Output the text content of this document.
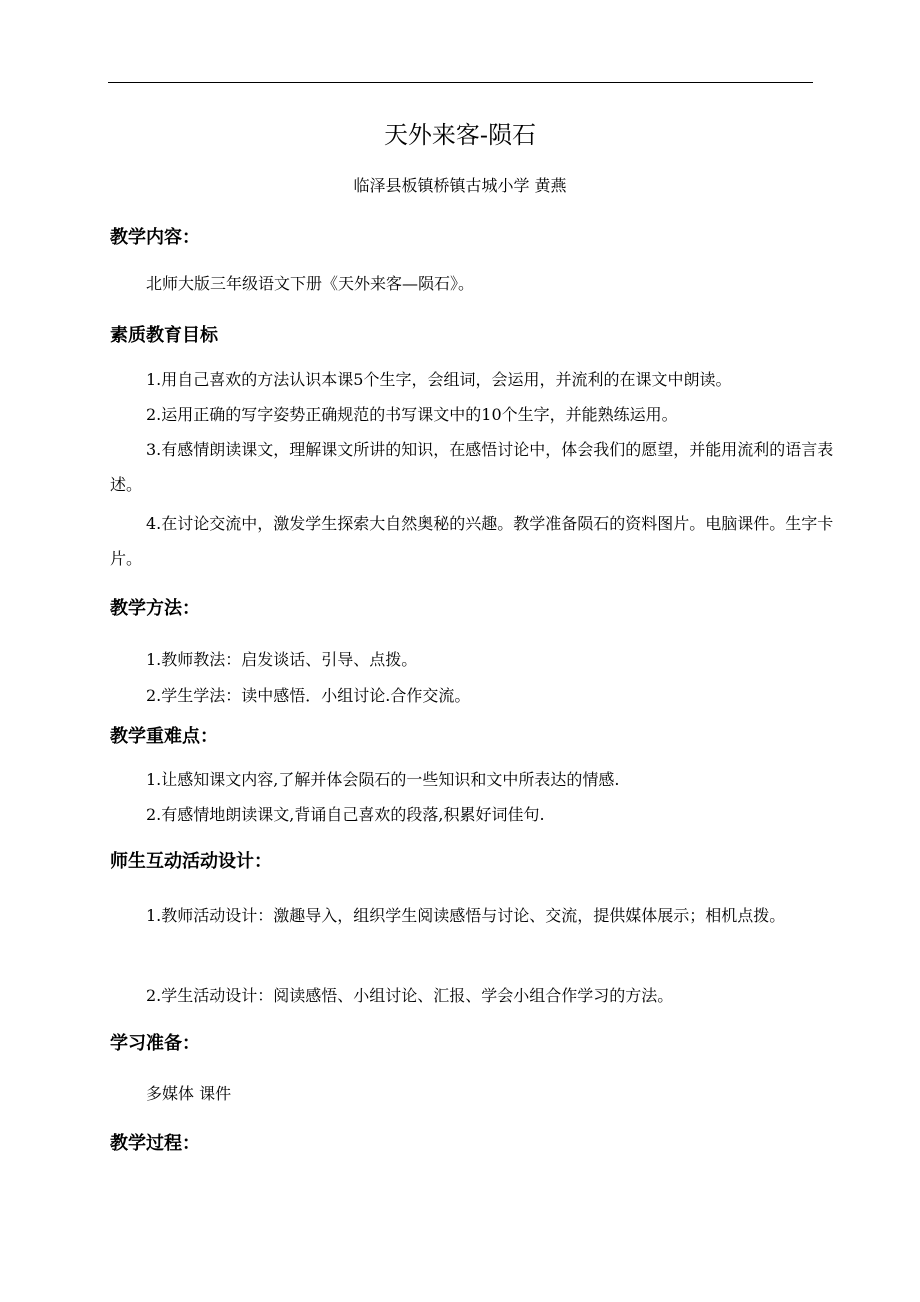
天外来客-陨石
临泽县板镇桥镇古城小学 黄燕
教学内容：
北师大版三年级语文下册《天外来客—陨石》。
素质教育目标
1.用自己喜欢的方法认识本课5个生字，会组词，会运用，并流利的在课文中朗读。
2.运用正确的写字姿势正确规范的书写课文中的10个生字，并能熟练运用。
3.有感情朗读课文，理解课文所讲的知识，在感悟讨论中，体会我们的愿望，并能用流利的语言表述。
4.在讨论交流中，激发学生探索大自然奥秘的兴趣。教学准备陨石的资料图片。电脑课件。生字卡片。
教学方法：
1.教师教法：启发谈话、引导、点拨。
2.学生学法：读中感悟．小组讨论.合作交流。
教学重难点：
1.让感知课文内容,了解并体会陨石的一些知识和文中所表达的情感.
2.有感情地朗读课文,背诵自己喜欢的段落,积累好词佳句.
师生互动活动设计：
1.教师活动设计：激趣导入，组织学生阅读感悟与讨论、交流，提供媒体展示；相机点拨。
2.学生活动设计：阅读感悟、小组讨论、汇报、学会小组合作学习的方法。
学习准备：
多媒体 课件
教学过程：
